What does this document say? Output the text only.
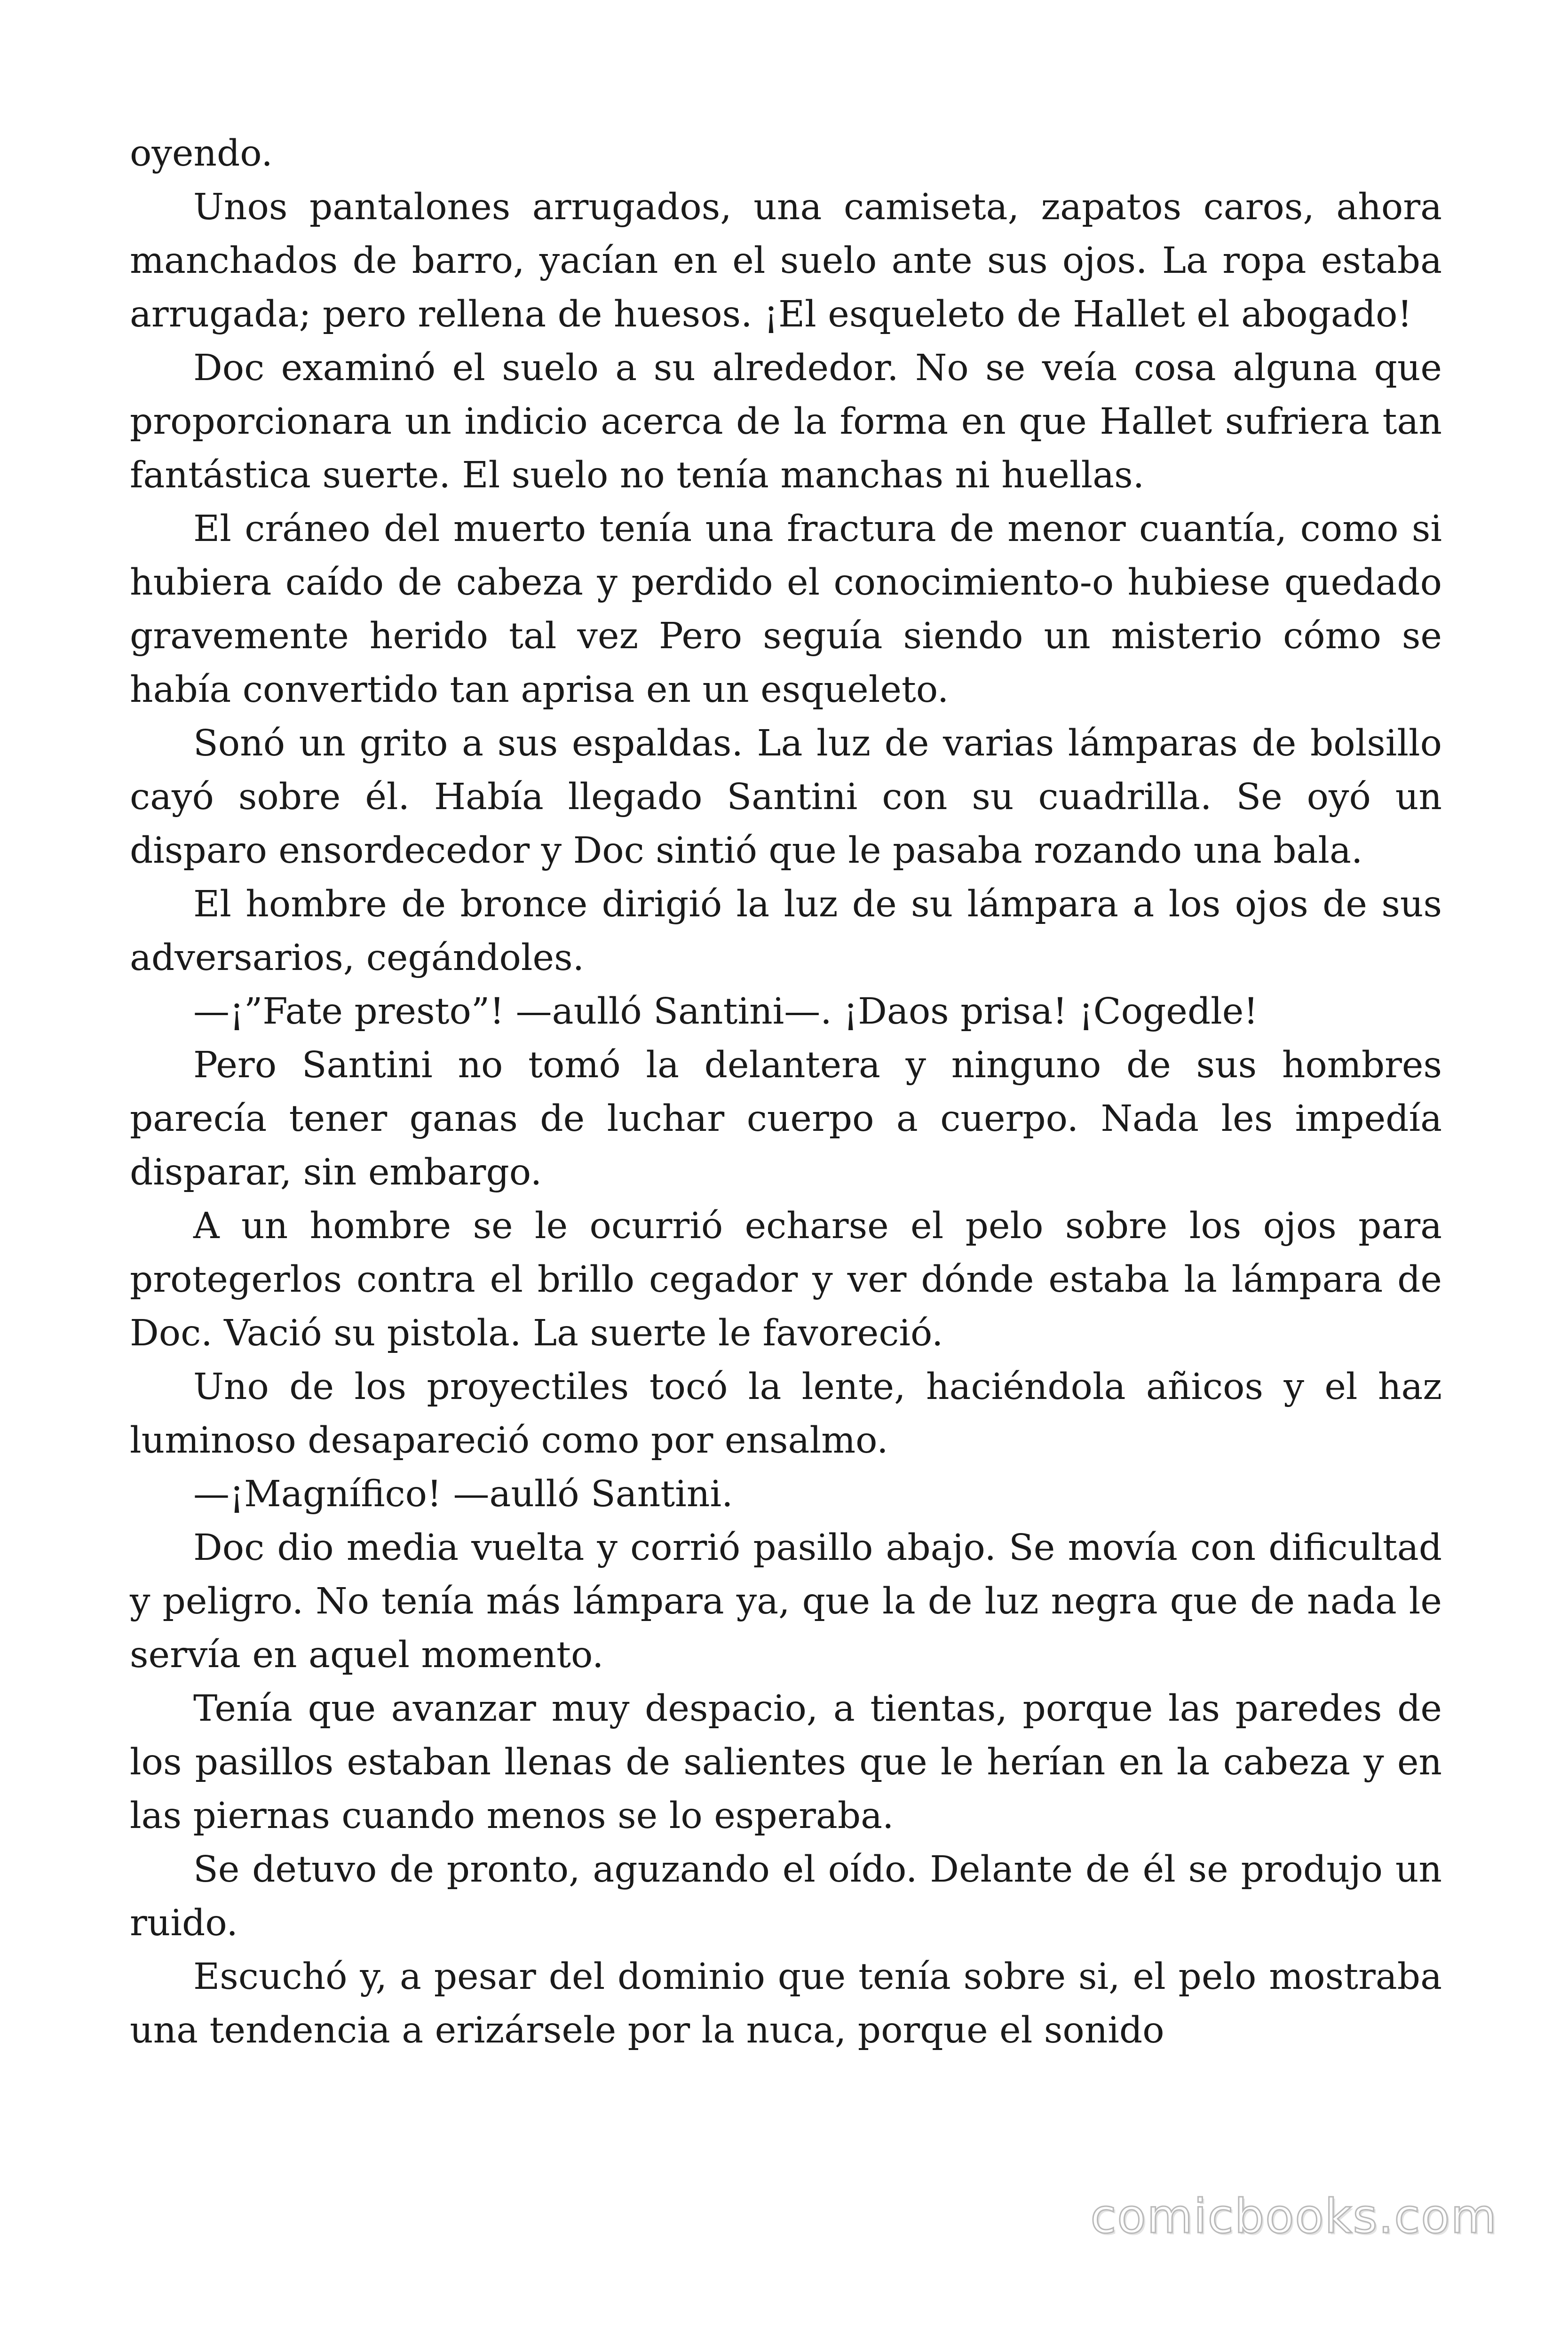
oyendo.

Unos pantalones arrugados, una camiseta, zapatos caros, ahora manchados de barro, yacían en el suelo ante sus ojos. La ropa estaba arrugada; pero rellena de huesos. ¡El esqueleto de Hallet el abogado!

Doc examinó el suelo a su alrededor. No se veía cosa alguna que proporcionara un indicio acerca de la forma en que Hallet sufriera tan fantástica suerte. El suelo no tenía manchas ni huellas.

El cráneo del muerto tenía una fractura de menor cuantía, como si hubiera caído de cabeza y perdido el conocimiento-o hubiese quedado gravemente herido tal vez Pero seguía siendo un misterio cómo se había convertido tan aprisa en un esqueleto.

Sonó un grito a sus espaldas. La luz de varias lámparas de bolsillo cayó sobre él. Había llegado Santini con su cuadrilla. Se oyó un disparo ensordecedor y Doc sintió que le pasaba rozando una bala.

El hombre de bronce dirigió la luz de su lámpara a los ojos de sus adversarios, cegándoles.

—¡”Fate presto”! —aulló Santini—. ¡Daos prisa! ¡Cogedle!

Pero Santini no tomó la delantera y ninguno de sus hombres parecía tener ganas de luchar cuerpo a cuerpo. Nada les impedía disparar, sin embargo.

A un hombre se le ocurrió echarse el pelo sobre los ojos para protegerlos contra el brillo cegador y ver dónde estaba la lámpara de Doc. Vació su pistola. La suerte le favoreció.

Uno de los proyectiles tocó la lente, haciéndola añicos y el haz luminoso desapareció como por ensalmo.

—¡Magnífico! —aulló Santini.

Doc dio media vuelta y corrió pasillo abajo. Se movía con dificultad y peligro. No tenía más lámpara ya, que la de luz negra que de nada le servía en aquel momento.

Tenía que avanzar muy despacio, a tientas, porque las paredes de los pasillos estaban llenas de salientes que le herían en la cabeza y en las piernas cuando menos se lo esperaba.

Se detuvo de pronto, aguzando el oído. Delante de él se produjo un ruido.

Escuchó y, a pesar del dominio que tenía sobre si, el pelo mostraba una tendencia a erizársele por la nuca, porque el sonido

comicbooks.com
